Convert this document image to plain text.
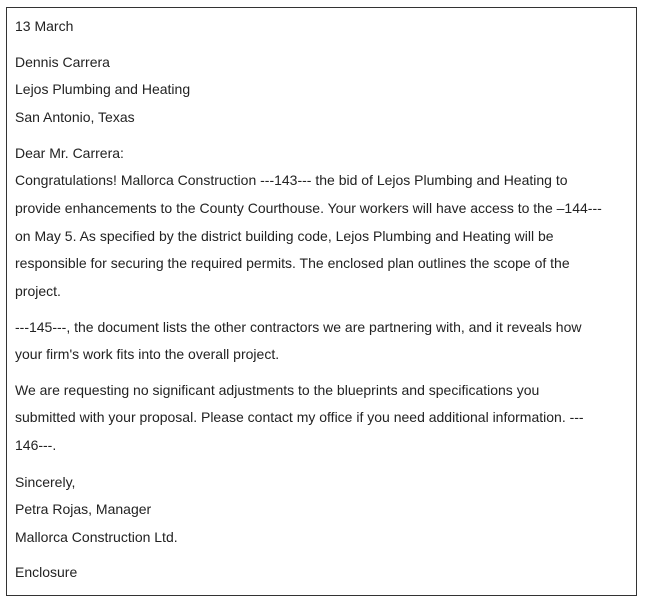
13 March
Dennis Carrera
Lejos Plumbing and Heating
San Antonio, Texas
Dear Mr. Carrera:
Congratulations! Mallorca Construction ---143--- the bid of Lejos Plumbing and Heating to
provide enhancements to the County Courthouse. Your workers will have access to the –144---
on May 5. As specified by the district building code, Lejos Plumbing and Heating will be
responsible for securing the required permits. The enclosed plan outlines the scope of the
project.
---145---, the document lists the other contractors we are partnering with, and it reveals how
your firm's work fits into the overall project.
We are requesting no significant adjustments to the blueprints and specifications you
submitted with your proposal. Please contact my office if you need additional information. ---
146---.
Sincerely,
Petra Rojas, Manager
Mallorca Construction Ltd.
Enclosure
